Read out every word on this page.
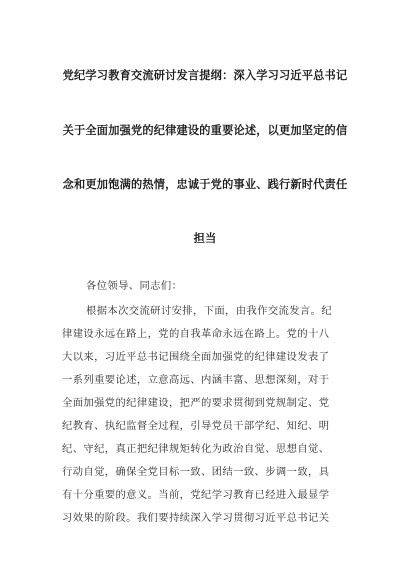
党纪学习教育交流研讨发言提纲：深入学习习近平总书记
关于全面加强党的纪律建设的重要论述，以更加坚定的信
念和更加饱满的热情，忠诚于党的事业、践行新时代责任
担当
各位领导、同志们：
根据本次交流研讨安排，下面，由我作交流发言。纪
律建设永远在路上，党的自我革命永远在路上。党的十八
大以来，习近平总书记围绕全面加强党的纪律建设发表了
一系列重要论述，立意高远、内涵丰富、思想深刻，对于
全面加强党的纪律建设，把严的要求贯彻到党规制定、党
纪教育、执纪监督全过程，引导党员干部学纪、知纪、明
纪、守纪，真正把纪律规矩转化为政治自觉、思想自觉、
行动自觉，确保全党目标一致、团结一致、步调一致，具
有十分重要的意义。当前，党纪学习教育已经进入最显学
习效果的阶段。我们要持续深入学习贯彻习近平总书记关
